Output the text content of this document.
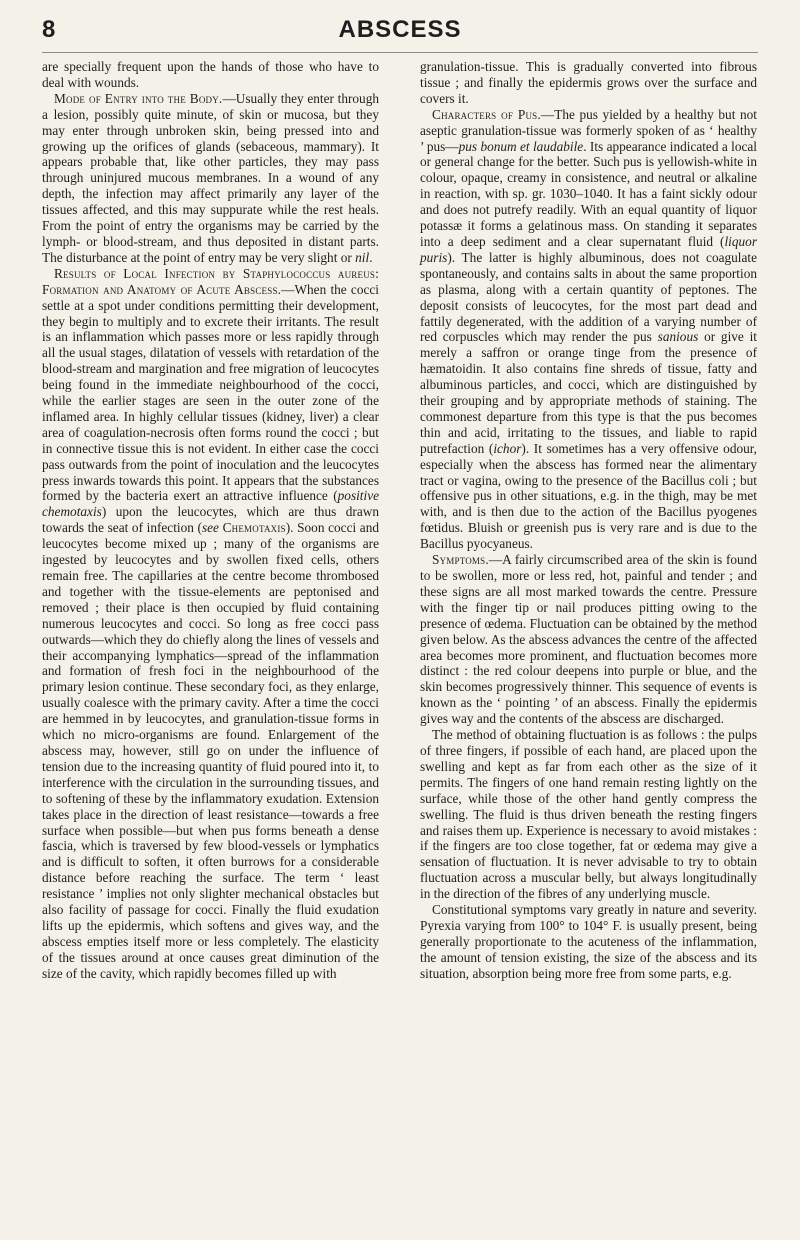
8	ABSCESS

are specially frequent upon the hands of those who have to deal with wounds.

Mode of Entry into the Body.—Usually they enter through a lesion, possibly quite minute, of skin or mucosa, but they may enter through unbroken skin, being pressed into and growing up the orifices of glands (sebaceous, mammary). It appears probable that, like other particles, they may pass through uninjured mucous membranes. In a wound of any depth, the infection may affect primarily any layer of the tissues affected, and this may suppurate while the rest heals. From the point of entry the organisms may be carried by the lymph- or blood-stream, and thus deposited in distant parts. The disturbance at the point of entry may be very slight or nil.

Results of Local Infection by Staphylococcus aureus: Formation and Anatomy of Acute Abscess.—When the cocci settle at a spot under conditions permitting their development, they begin to multiply and to excrete their irritants. The result is an inflammation which passes more or less rapidly through all the usual stages, dilatation of vessels with retardation of the blood-stream and margination and free migration of leucocytes being found in the immediate neighbourhood of the cocci, while the earlier stages are seen in the outer zone of the inflamed area. In highly cellular tissues (kidney, liver) a clear area of coagulation-necrosis often forms round the cocci ; but in connective tissue this is not evident. In either case the cocci pass outwards from the point of inoculation and the leucocytes press inwards towards this point. It appears that the substances formed by the bacteria exert an attractive influence (positive chemotaxis) upon the leucocytes, which are thus drawn towards the seat of infection (see Chemotaxis). Soon cocci and leucocytes become mixed up ; many of the organisms are ingested by leucocytes and by swollen fixed cells, others remain free. The capillaries at the centre become thrombosed and together with the tissue-elements are peptonised and removed ; their place is then occupied by fluid containing numerous leucocytes and cocci. So long as free cocci pass outwards—which they do chiefly along the lines of vessels and their accompanying lymphatics—spread of the inflammation and formation of fresh foci in the neighbourhood of the primary lesion continue. These secondary foci, as they enlarge, usually coalesce with the primary cavity. After a time the cocci are hemmed in by leucocytes, and granulation-tissue forms in which no micro-organisms are found. Enlargement of the abscess may, however, still go on under the influence of tension due to the increasing quantity of fluid poured into it, to interference with the circulation in the surrounding tissues, and to softening of these by the inflammatory exudation. Extension takes place in the direction of least resistance—towards a free surface when possible—but when pus forms beneath a dense fascia, which is traversed by few blood-vessels or lymphatics and is difficult to soften, it often burrows for a considerable distance before reaching the surface. The term ‘ least resistance ’ implies not only slighter mechanical obstacles but also facility of passage for cocci. Finally the fluid exudation lifts up the epidermis, which softens and gives way, and the abscess empties itself more or less completely. The elasticity of the tissues around at once causes great diminution of the size of the cavity, which rapidly becomes filled up with

granulation-tissue. This is gradually converted into fibrous tissue ; and finally the epidermis grows over the surface and covers it.

Characters of Pus.—The pus yielded by a healthy but not aseptic granulation-tissue was formerly spoken of as ‘ healthy ’ pus—pus bonum et laudabile. Its appearance indicated a local or general change for the better. Such pus is yellowish-white in colour, opaque, creamy in consistence, and neutral or alkaline in reaction, with sp. gr. 1030–1040. It has a faint sickly odour and does not putrefy readily. With an equal quantity of liquor potassæ it forms a gelatinous mass. On standing it separates into a deep sediment and a clear supernatant fluid (liquor puris). The latter is highly albuminous, does not coagulate spontaneously, and contains salts in about the same proportion as plasma, along with a certain quantity of peptones. The deposit consists of leucocytes, for the most part dead and fattily degenerated, with the addition of a varying number of red corpuscles which may render the pus sanious or give it merely a saffron or orange tinge from the presence of hæmatoidin. It also contains fine shreds of tissue, fatty and albuminous particles, and cocci, which are distinguished by their grouping and by appropriate methods of staining. The commonest departure from this type is that the pus becomes thin and acid, irritating to the tissues, and liable to rapid putrefaction (ichor). It sometimes has a very offensive odour, especially when the abscess has formed near the alimentary tract or vagina, owing to the presence of the Bacillus coli ; but offensive pus in other situations, e.g. in the thigh, may be met with, and is then due to the action of the Bacillus pyogenes fœtidus. Bluish or greenish pus is very rare and is due to the Bacillus pyocyaneus.

Symptoms.—A fairly circumscribed area of the skin is found to be swollen, more or less red, hot, painful and tender ; and these signs are all most marked towards the centre. Pressure with the finger tip or nail produces pitting owing to the presence of œdema. Fluctuation can be obtained by the method given below. As the abscess advances the centre of the affected area becomes more prominent, and fluctuation becomes more distinct : the red colour deepens into purple or blue, and the skin becomes progressively thinner. This sequence of events is known as the ‘ pointing ’ of an abscess. Finally the epidermis gives way and the contents of the abscess are discharged.

The method of obtaining fluctuation is as follows : the pulps of three fingers, if possible of each hand, are placed upon the swelling and kept as far from each other as the size of it permits. The fingers of one hand remain resting lightly on the surface, while those of the other hand gently compress the swelling. The fluid is thus driven beneath the resting fingers and raises them up. Experience is necessary to avoid mistakes : if the fingers are too close together, fat or œdema may give a sensation of fluctuation. It is never advisable to try to obtain fluctuation across a muscular belly, but always longitudinally in the direction of the fibres of any underlying muscle.

Constitutional symptoms vary greatly in nature and severity. Pyrexia varying from 100° to 104° F. is usually present, being generally proportionate to the acuteness of the inflammation, the amount of tension existing, the size of the abscess and its situation, absorption being more free from some parts, e.g.
